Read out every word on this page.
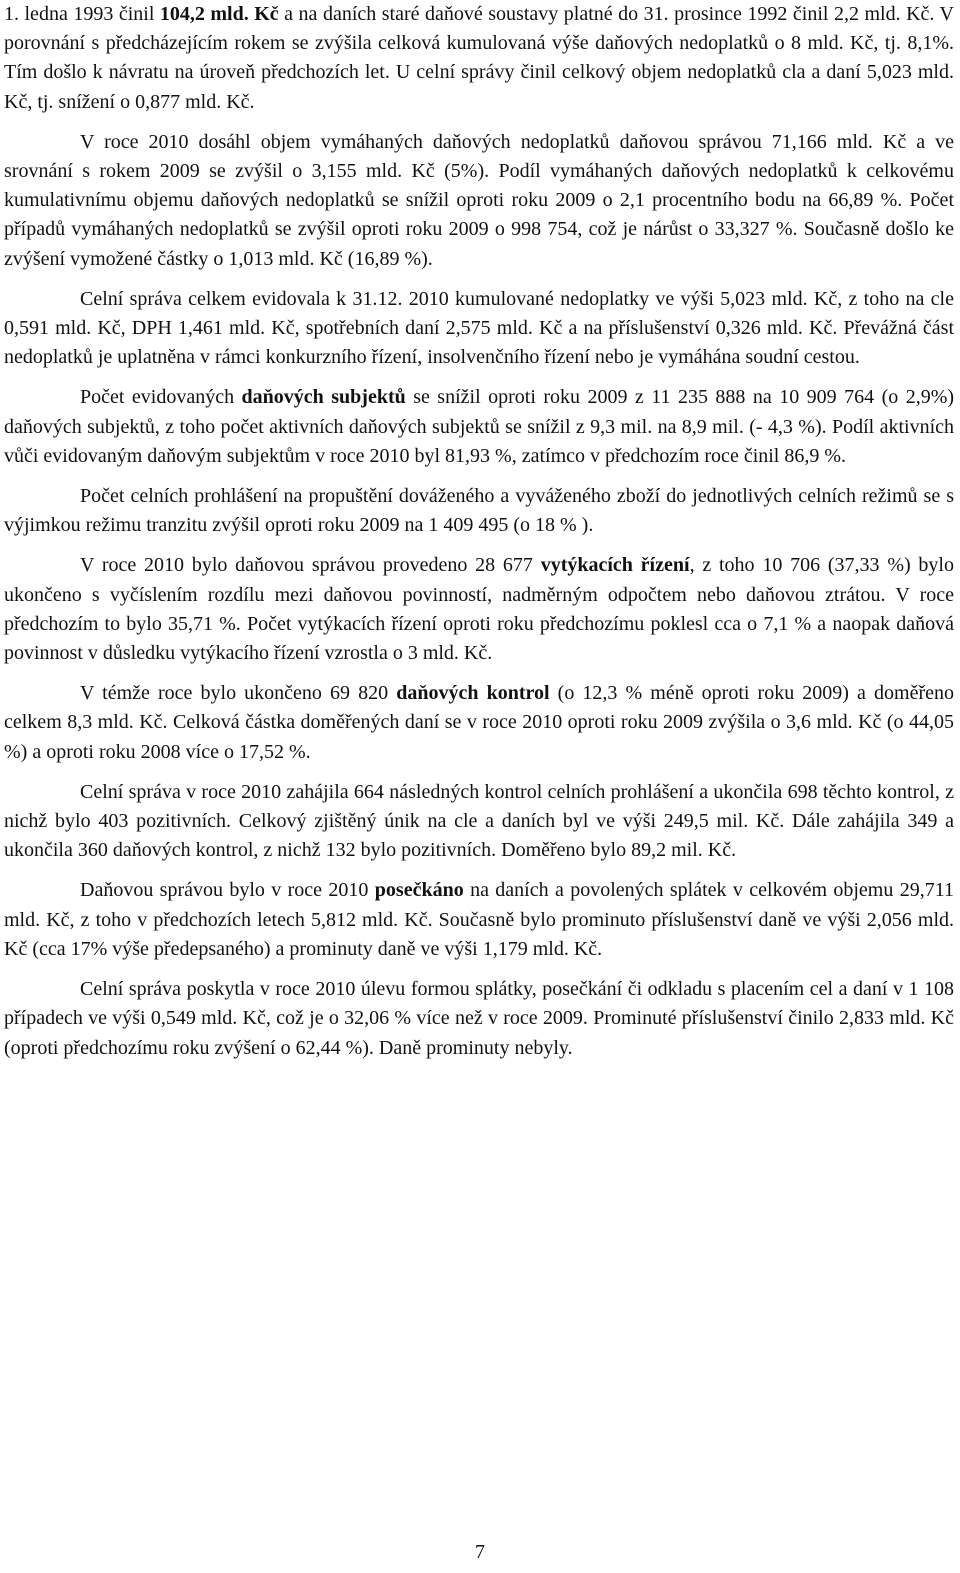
1. ledna 1993 činil 104,2 mld. Kč a na daních staré daňové soustavy platné do 31. prosince 1992 činil 2,2 mld. Kč. V porovnání s předcházejícím rokem se zvýšila celková kumulovaná výše daňových nedoplatků o 8 mld. Kč, tj. 8,1%. Tím došlo k návratu na úroveň předchozích let. U celní správy činil celkový objem nedoplatků cla a daní 5,023 mld. Kč, tj. snížení o 0,877 mld. Kč.

V roce 2010 dosáhl objem vymáhaných daňových nedoplatků daňovou správou 71,166 mld. Kč a ve srovnání s rokem 2009 se zvýšil o 3,155 mld. Kč (5%). Podíl vymáhaných daňových nedoplatků k celkovému kumulativnímu objemu daňových nedoplatků se snížil oproti roku 2009 o 2,1 procentního bodu na 66,89 %. Počet případů vymáhaných nedoplatků se zvýšil oproti roku 2009 o 998 754, což je nárůst o 33,327 %. Současně došlo ke zvýšení vymožené částky o 1,013 mld. Kč (16,89 %).

Celní správa celkem evidovala k 31.12. 2010 kumulované nedoplatky ve výši 5,023 mld. Kč, z toho na cle 0,591 mld. Kč, DPH 1,461 mld. Kč, spotřebních daní 2,575 mld. Kč a na příslušenství 0,326 mld. Kč. Převážná část nedoplatků je uplatněna v rámci konkurzního řízení, insolvenčního řízení nebo je vymáhána soudní cestou.

Počet evidovaných daňových subjektů se snížil oproti roku 2009 z 11 235 888 na 10 909 764 (o 2,9%) daňových subjektů, z toho počet aktivních daňových subjektů se snížil z 9,3 mil. na 8,9 mil. (- 4,3 %). Podíl aktivních vůči evidovaným daňovým subjektům v roce 2010 byl 81,93 %, zatímco v předchozím roce činil 86,9 %.

Počet celních prohlášení na propuštění dováženého a vyváženého zboží do jednotlivých celních režimů se s výjimkou režimu tranzitu zvýšil oproti roku 2009 na 1 409 495 (o 18 % ).

V roce 2010 bylo daňovou správou provedeno 28 677 vytýkacích řízení, z toho 10 706 (37,33 %) bylo ukončeno s vyčíslením rozdílu mezi daňovou povinností, nadměrným odpočtem nebo daňovou ztrátou. V roce předchozím to bylo 35,71 %. Počet vytýkacích řízení oproti roku předchozímu poklesl cca o 7,1 % a naopak daňová povinnost v důsledku vytýkacího řízení vzrostla o 3 mld. Kč.

V témže roce bylo ukončeno 69 820 daňových kontrol (o 12,3 % méně oproti roku 2009) a doměřeno celkem 8,3 mld. Kč. Celková částka doměřených daní se v roce 2010 oproti roku 2009 zvýšila o 3,6 mld. Kč (o 44,05 %) a oproti roku 2008 více o 17,52 %.

Celní správa v roce 2010 zahájila 664 následných kontrol celních prohlášení a ukončila 698 těchto kontrol, z nichž bylo 403 pozitivních. Celkový zjištěný únik na cle a daních byl ve výši 249,5 mil. Kč. Dále zahájila 349 a ukončila 360 daňových kontrol, z nichž 132 bylo pozitivních. Doměřeno bylo 89,2 mil. Kč.

Daňovou správou bylo v roce 2010 posečkáno na daních a povolených splátek v celkovém objemu 29,711 mld. Kč, z toho v předchozích letech 5,812 mld. Kč. Současně bylo prominuto příslušenství daně ve výši 2,056 mld. Kč (cca 17% výše předepsaného) a prominuty daně ve výši 1,179 mld. Kč.

Celní správa poskytla v roce 2010 úlevu formou splátky, posečkání či odkladu s placením cel a daní v 1 108 případech ve výši 0,549 mld. Kč, což je o 32,06 % více než v roce 2009. Prominuté příslušenství činilo 2,833 mld. Kč (oproti předchozímu roku zvýšení o 62,44 %). Daně prominuty nebyly.

7
